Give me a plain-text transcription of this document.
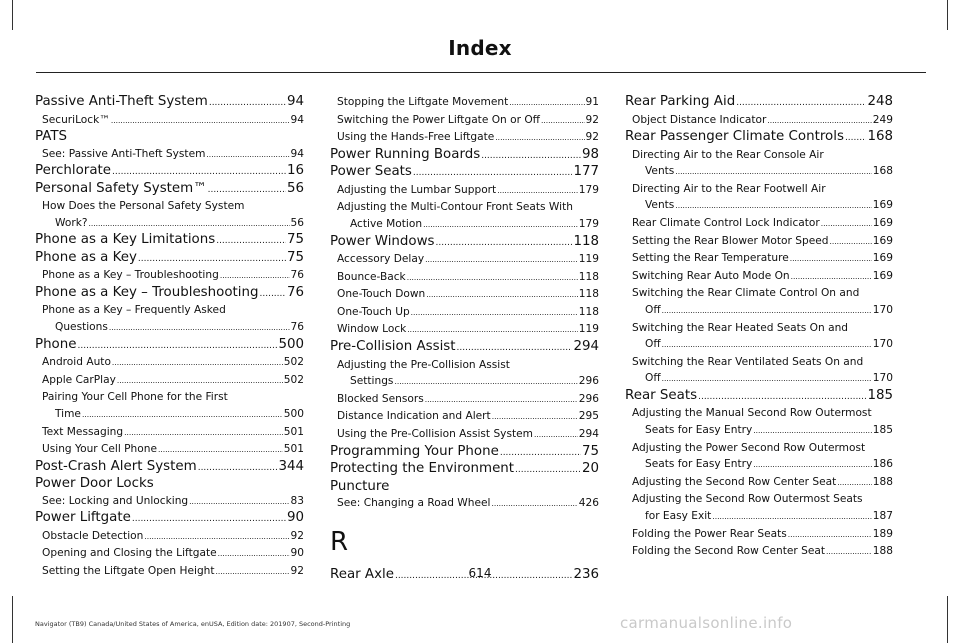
Index
Passive Anti-Theft System .....	94
SecuriLock™ .....	94
PATS
See: Passive Anti-Theft System .....	94
Perchlorate .....	16
Personal Safety System™ .....	56
How Does the Personal Safety System
Work? .....	56
Phone as a Key Limitations .....	75
Phone as a Key .....	75
Phone as a Key – Troubleshooting .....	76
Phone as a Key – Troubleshooting ..... 76
Phone as a Key – Frequently Asked
Questions .....	76
Phone .....	500
Android Auto .....	502
Apple CarPlay .....	502
Pairing Your Cell Phone for the First
Time .....	500
Text Messaging .....	501
Using Your Cell Phone .....	501
Post-Crash Alert System .....	344
Power Door Locks
See: Locking and Unlocking .....	83
Power Liftgate .....	90
Obstacle Detection .....	92
Opening and Closing the Liftgate .....	90
Setting the Liftgate Open Height .....	92
Stopping the Liftgate Movement .....	91
Switching the Power Liftgate On or Off .....	92
Using the Hands-Free Liftgate .....	92
Power Running Boards .....	98
Power Seats .....	177
Adjusting the Lumbar Support .....	179
Adjusting the Multi-Contour Front Seats With
Active Motion .....	179
Power Windows .....	118
Accessory Delay .....	119
Bounce-Back .....	118
One-Touch Down .....	118
One-Touch Up .....	118
Window Lock .....	119
Pre-Collision Assist .....	294
Adjusting the Pre-Collision Assist
Settings .....	296
Blocked Sensors .....	296
Distance Indication and Alert .....	295
Using the Pre-Collision Assist System .....	294
Programming Your Phone .....	75
Protecting the Environment .....	20
Puncture
See: Changing a Road Wheel .....	426
R
Rear Axle .....	236
Rear Parking Aid .....	248
Object Distance Indicator .....	249
Rear Passenger Climate Controls ..... 168
Directing Air to the Rear Console Air
Vents .....	168
Directing Air to the Rear Footwell Air
Vents .....	169
Rear Climate Control Lock Indicator .....	169
Setting the Rear Blower Motor Speed .....	169
Setting the Rear Temperature .....	169
Switching Rear Auto Mode On .....	169
Switching the Rear Climate Control On and
Off .....	170
Switching the Rear Heated Seats On and
Off .....	170
Switching the Rear Ventilated Seats On and
Off .....	170
Rear Seats .....	185
Adjusting the Manual Second Row Outermost
Seats for Easy Entry .....	185
Adjusting the Power Second Row Outermost
Seats for Easy Entry .....	186
Adjusting the Second Row Center Seat .....	188
Adjusting the Second Row Outermost Seats
for Easy Exit .....	187
Folding the Power Rear Seats .....	189
Folding the Second Row Center Seat .....	188
614
Navigator (TB9) Canada/United States of America, enUSA, Edition date: 201907, Second-Printing	carmanualsonline.info
